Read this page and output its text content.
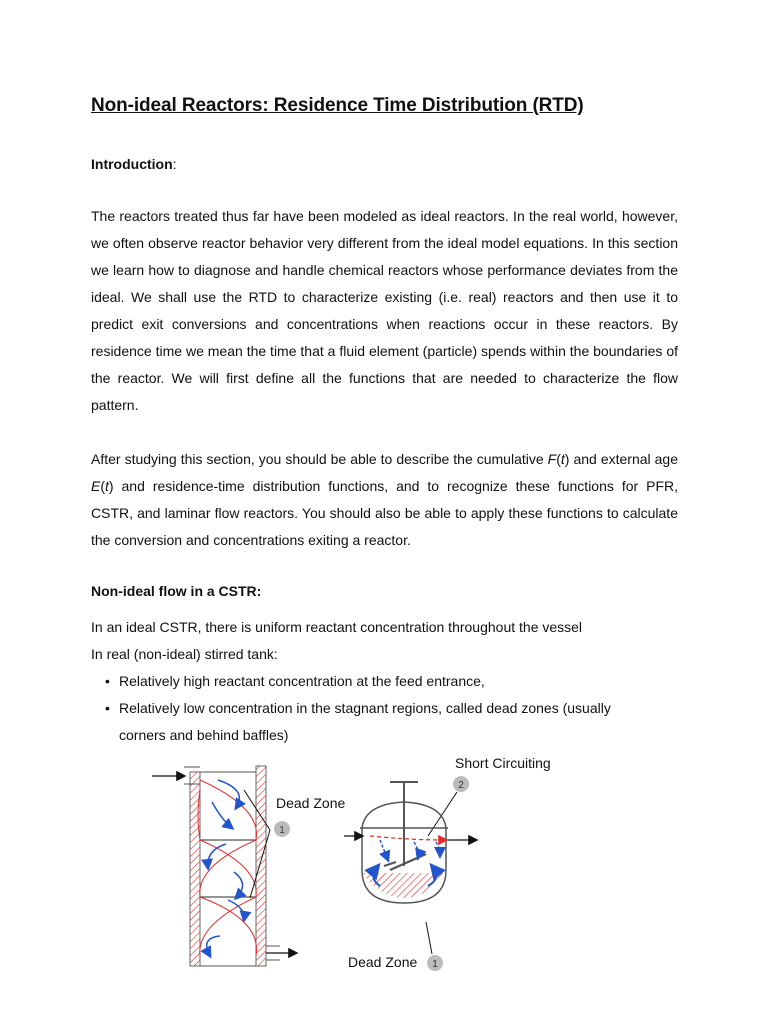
Non-ideal Reactors: Residence Time Distribution (RTD)

Introduction:

The reactors treated thus far have been modeled as ideal reactors. In the real world, however, we often observe reactor behavior very different from the ideal model equations. In this section we learn how to diagnose and handle chemical reactors whose performance deviates from the ideal. We shall use the RTD to characterize existing (i.e. real) reactors and then use it to predict exit conversions and concentrations when reactions occur in these reactors. By residence time we mean the time that a fluid element (particle) spends within the boundaries of the reactor. We will first define all the functions that are needed to characterize the flow pattern.

After studying this section, you should be able to describe the cumulative F(t) and external age E(t) and residence-time distribution functions, and to recognize these functions for PFR, CSTR, and laminar flow reactors. You should also be able to apply these functions to calculate the conversion and concentrations exiting a reactor.

Non-ideal flow in a CSTR:

In an ideal CSTR, there is uniform reactant concentration throughout the vessel

In real (non-ideal) stirred tank:

• Relatively high reactant concentration at the feed entrance,
• Relatively low concentration in the stagnant regions, called dead zones (usually
corners and behind baffles)
Dead Zone
1
Short Circuiting
2
Dead Zone 1
